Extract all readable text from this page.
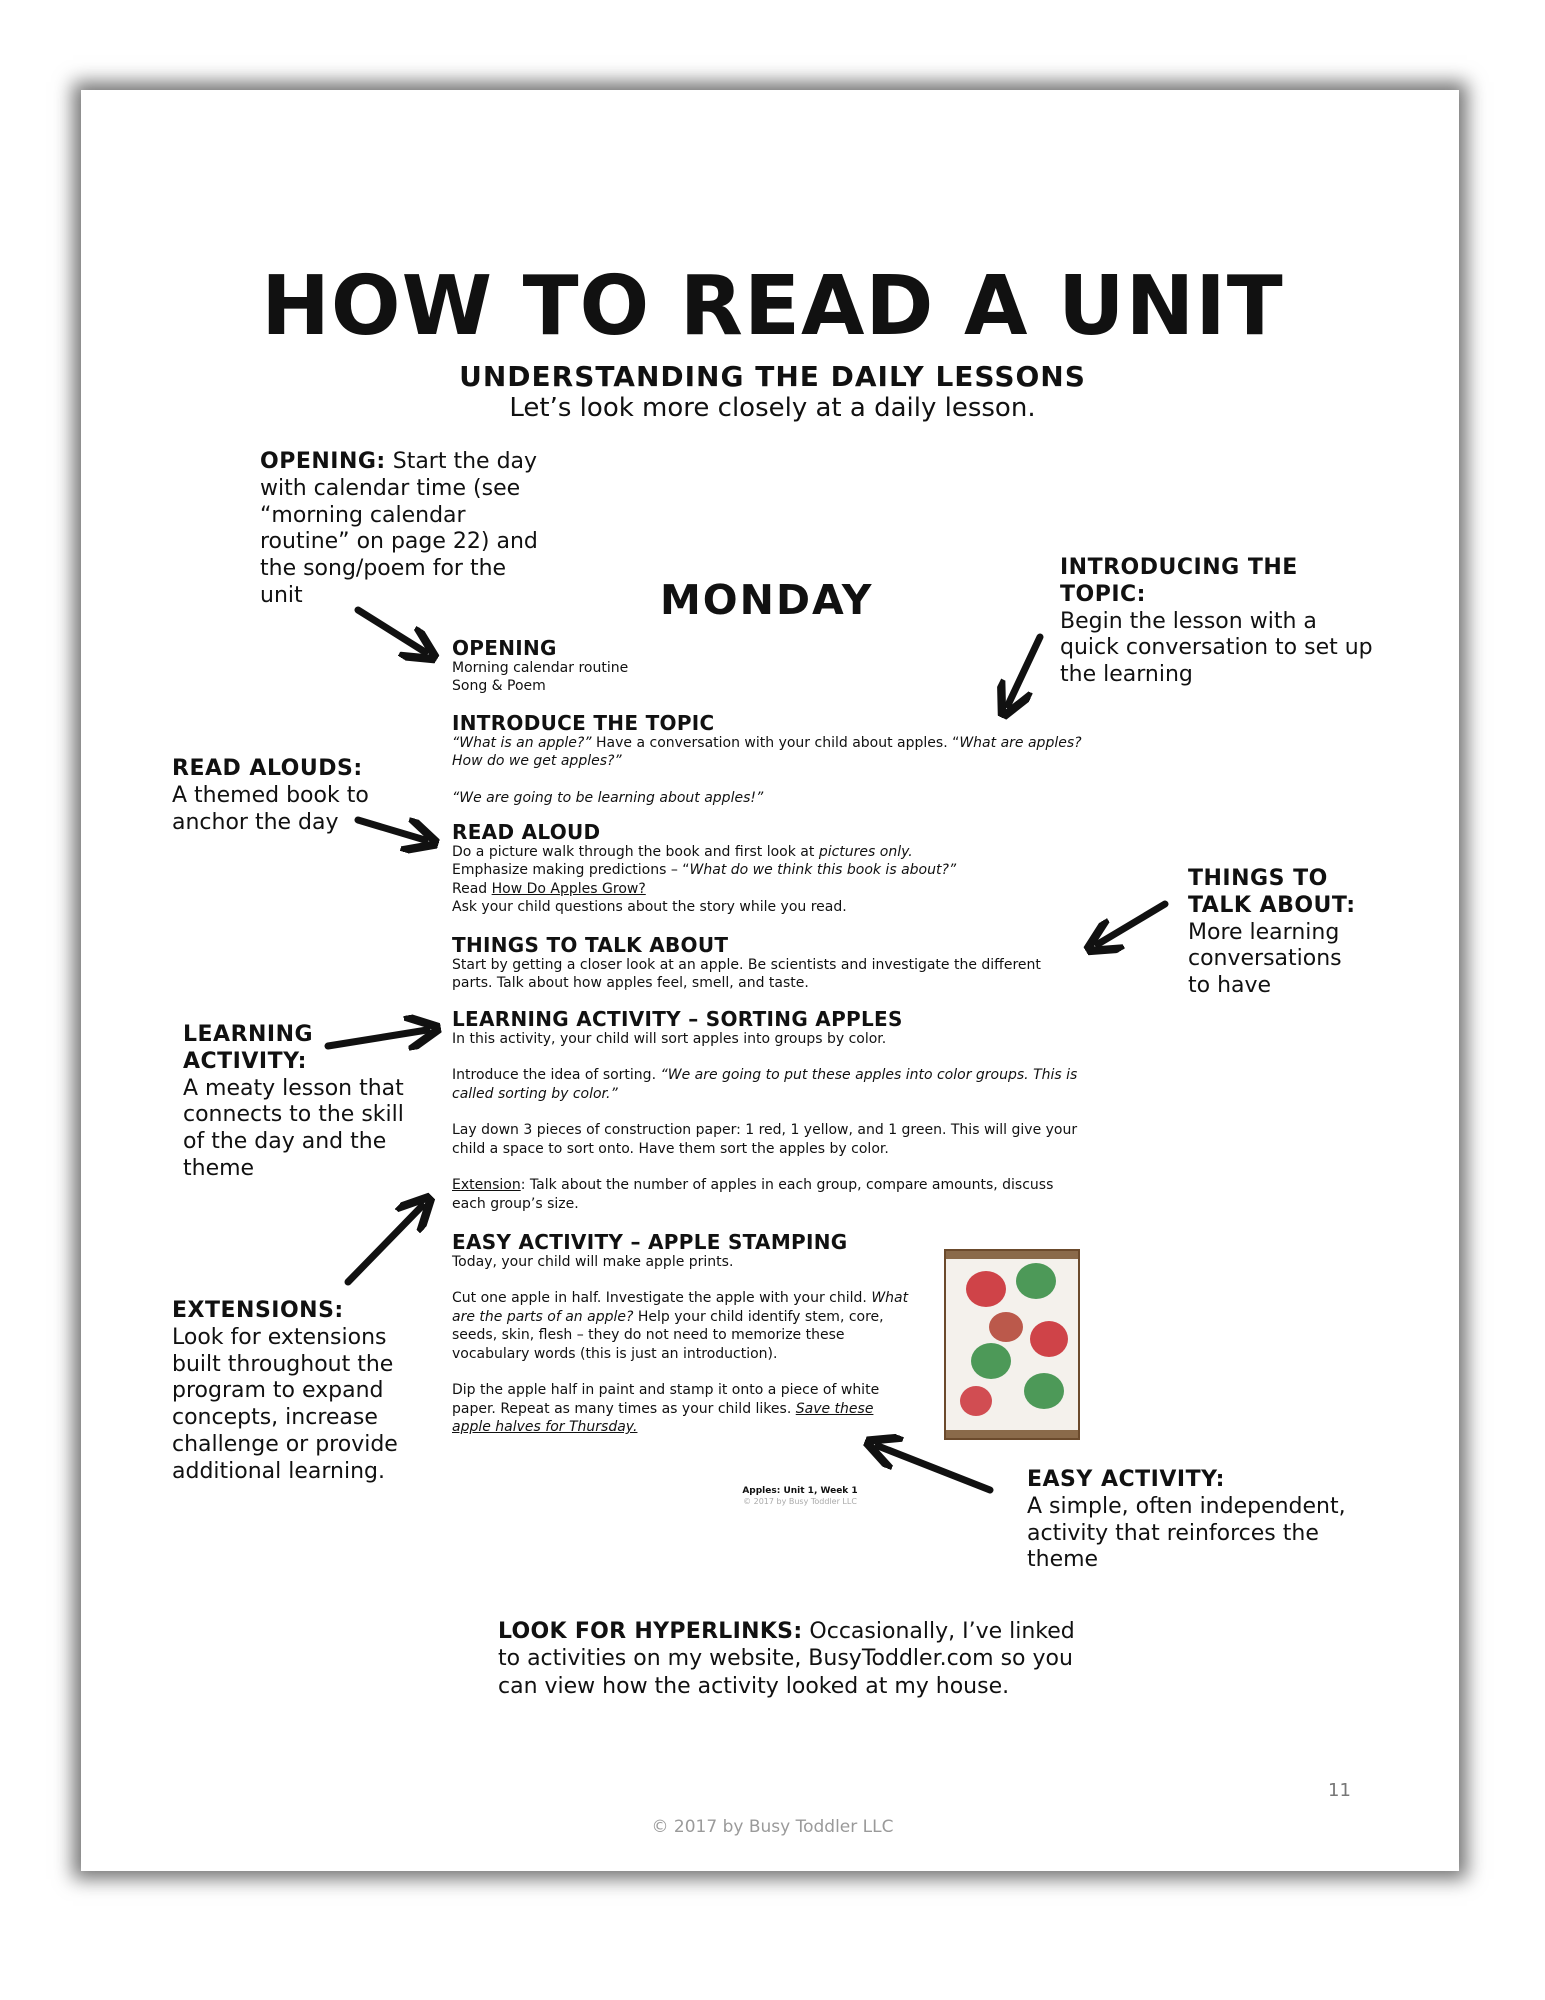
HOW TO READ A UNIT
UNDERSTANDING THE DAILY LESSONS
Let’s look more closely at a daily lesson.
OPENING: Start the day with calendar time (see “morning calendar routine” on page 22) and the song/poem for the unit
INTRODUCING THE TOPIC:
Begin the lesson with a quick conversation to set up the learning
READ ALOUDS:
A themed book to anchor the day
THINGS TO TALK ABOUT:
More learning conversations to have
LEARNING ACTIVITY:
A meaty lesson that connects to the skill of the day and the theme
EXTENSIONS:
Look for extensions built throughout the program to expand concepts, increase challenge or provide additional learning.	EASY ACTIVITY:
A simple, often independent, activity that reinforces the theme
MONDAY
OPENING

Morning calendar routine

Song & Poem

INTRODUCE THE TOPIC

“What is an apple?” Have a conversation with your child about apples. “What are apples? How do we get apples?”

“We are going to be learning about apples!”

READ ALOUD

Do a picture walk through the book and first look at pictures only.

Emphasize making predictions – “What do we think this book is about?”

Read How Do Apples Grow?

Ask your child questions about the story while you read.

THINGS TO TALK ABOUT

Start by getting a closer look at an apple. Be scientists and investigate the different parts. Talk about how apples feel, smell, and taste.

LEARNING ACTIVITY – SORTING APPLES

In this activity, your child will sort apples into groups by color.

Introduce the idea of sorting. “We are going to put these apples into color groups. This is called sorting by color.”

Lay down 3 pieces of construction paper: 1 red, 1 yellow, and 1 green. This will give your child a space to sort onto. Have them sort the apples by color.

Extension: Talk about the number of apples in each group, compare amounts, discuss each group’s size.

EASY ACTIVITY – APPLE STAMPING

Today, your child will make apple prints.

Cut one apple in half. Investigate the apple with your child. What are the parts of an apple? Help your child identify stem, core, seeds, skin, flesh – they do not need to memorize these vocabulary words (this is just an introduction).

Dip the apple half in paint and stamp it onto a piece of white paper. Repeat as many times as your child likes. Save these apple halves for Thursday.

Apples: Unit 1, Week 1
© 2017 by Busy Toddler LLC
LOOK FOR HYPERLINKS: Occasionally, I’ve linked to activities on my website, BusyToddler.com so you can view how the activity looked at my house.
11
© 2017 by Busy Toddler LLC
